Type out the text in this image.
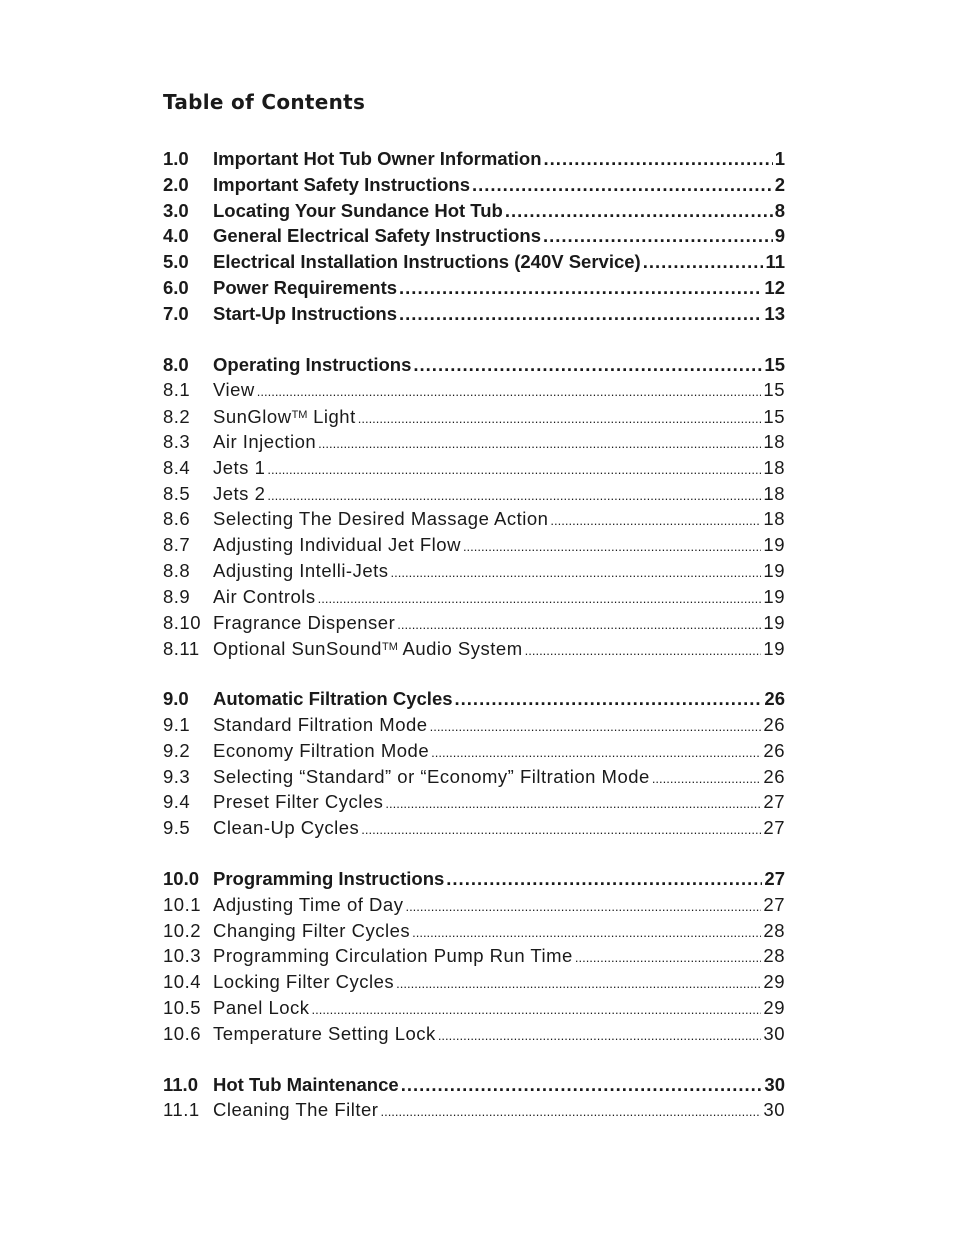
Table of Contents
1.0	Important Hot Tub Owner Information .....	1
2.0	Important Safety Instructions .....	2
3.0	Locating Your Sundance Hot Tub .....	8
4.0	General Electrical Safety Instructions .....	9
5.0	Electrical Installation Instructions (240V Service) .....	11
6.0	Power Requirements .....	12
7.0	Start-Up Instructions .....	13
8.0	Operating Instructions .....	15
8.1	View .....	15
8.2	SunGlow™ Light .....	15
8.3	Air Injection .....	18
8.4	Jets 1 .....	18
8.5	Jets 2 .....	18
8.6	Selecting The Desired Massage Action .....	18
8.7	Adjusting Individual Jet Flow .....	19
8.8	Adjusting Intelli-Jets .....	19
8.9	Air Controls .....	19
8.10 Fragrance Dispenser .....	19
8.11 Optional SunSound™ Audio System .....	19
9.0	Automatic Filtration Cycles .....	26
9.1	Standard Filtration Mode .....	26
9.2	Economy Filtration Mode .....	26
9.3	Selecting “Standard” or “Economy” Filtration Mode .....	26
9.4	Preset Filter Cycles .....	27
9.5	Clean-Up Cycles .....	27
10.0 Programming Instructions .....	27
10.1 Adjusting Time of Day .....	27
10.2 Changing Filter Cycles .....	28
10.3 Programming Circulation Pump Run Time .....	28
10.4 Locking Filter Cycles .....	29
10.5 Panel Lock .....	29
10.6 Temperature Setting Lock .....	30
11.0 Hot Tub Maintenance .....	30
11.1 Cleaning The Filter .....	30
